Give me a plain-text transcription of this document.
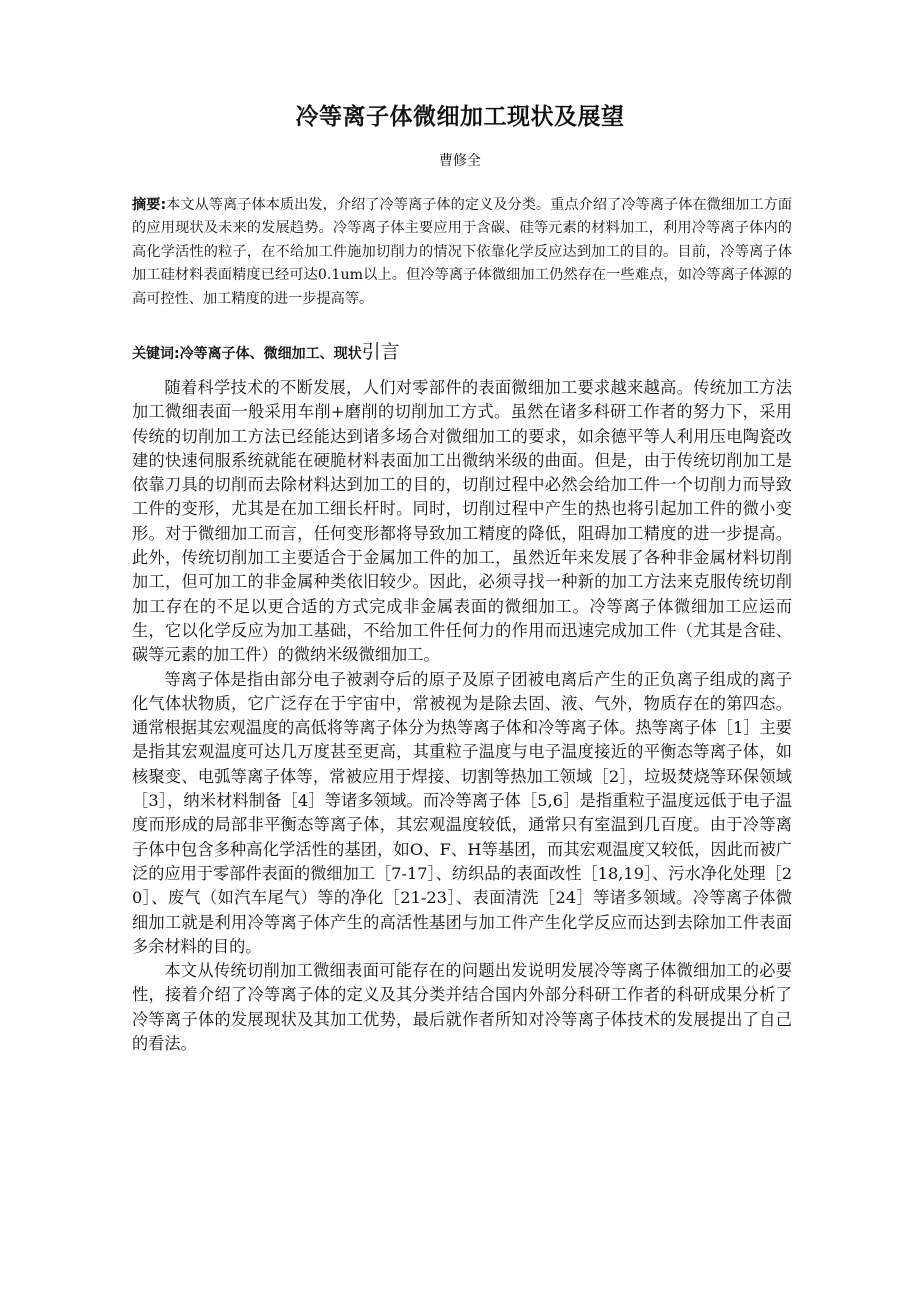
冷等离子体微细加工现状及展望
曹修全
摘要:本文从等离子体本质出发，介绍了冷等离子体的定义及分类。重点介绍了冷等离子体在微细加工方面的应用现状及未来的发展趋势。冷等离子体主要应用于含碳、硅等元素的材料加工，利用冷等离子体内的高化学活性的粒子，在不给加工件施加切削力的情况下依靠化学反应达到加工的目的。目前，冷等离子体加工硅材料表面精度已经可达0.1um以上。但冷等离子体微细加工仍然存在一些难点，如冷等离子体源的高可控性、加工精度的进一步提高等。
关键词:冷等离子体、微细加工、现状引言

随着科学技术的不断发展，人们对零部件的表面微细加工要求越来越高。传统加工方法加工微细表面一般采用车削+磨削的切削加工方式。虽然在诸多科研工作者的努力下，采用传统的切削加工方法已经能达到诸多场合对微细加工的要求，如余德平等人利用压电陶瓷改建的快速伺服系统就能在硬脆材料表面加工出微纳米级的曲面。但是，由于传统切削加工是依靠刀具的切削而去除材料达到加工的目的，切削过程中必然会给加工件一个切削力而导致工件的变形，尤其是在加工细长杆时。同时，切削过程中产生的热也将引起加工件的微小变形。对于微细加工而言，任何变形都将导致加工精度的降低，阻碍加工精度的进一步提高。此外，传统切削加工主要适合于金属加工件的加工，虽然近年来发展了各种非金属材料切削加工，但可加工的非金属种类依旧较少。因此，必须寻找一种新的加工方法来克服传统切削加工存在的不足以更合适的方式完成非金属表面的微细加工。冷等离子体微细加工应运而生，它以化学反应为加工基础，不给加工件任何力的作用而迅速完成加工件（尤其是含硅、碳等元素的加工件）的微纳米级微细加工。

等离子体是指由部分电子被剥夺后的原子及原子团被电离后产生的正负离子组成的离子化气体状物质，它广泛存在于宇宙中，常被视为是除去固、液、气外，物质存在的第四态。通常根据其宏观温度的高低将等离子体分为热等离子体和冷等离子体。热等离子体［1］主要是指其宏观温度可达几万度甚至更高，其重粒子温度与电子温度接近的平衡态等离子体，如核聚变、电弧等离子体等，常被应用于焊接、切割等热加工领域［2］，垃圾焚烧等环保领域［3］，纳米材料制备［4］等诸多领域。而冷等离子体［5,6］是指重粒子温度远低于电子温度而形成的局部非平衡态等离子体，其宏观温度较低，通常只有室温到几百度。由于冷等离子体中包含多种高化学活性的基团，如O、F、H等基团，而其宏观温度又较低，因此而被广泛的应用于零部件表面的微细加工［7-17］、纺织品的表面改性［18,19］、污水净化处理［20］、废气（如汽车尾气）等的净化［21-23］、表面清洗［24］等诸多领域。冷等离子体微细加工就是利用冷等离子体产生的高活性基团与加工件产生化学反应而达到去除加工件表面多余材料的目的。

本文从传统切削加工微细表面可能存在的问题出发说明发展冷等离子体微细加工的必要性，接着介绍了冷等离子体的定义及其分类并结合国内外部分科研工作者的科研成果分析了冷等离子体的发展现状及其加工优势，最后就作者所知对冷等离子体技术的发展提出了自己的看法。
